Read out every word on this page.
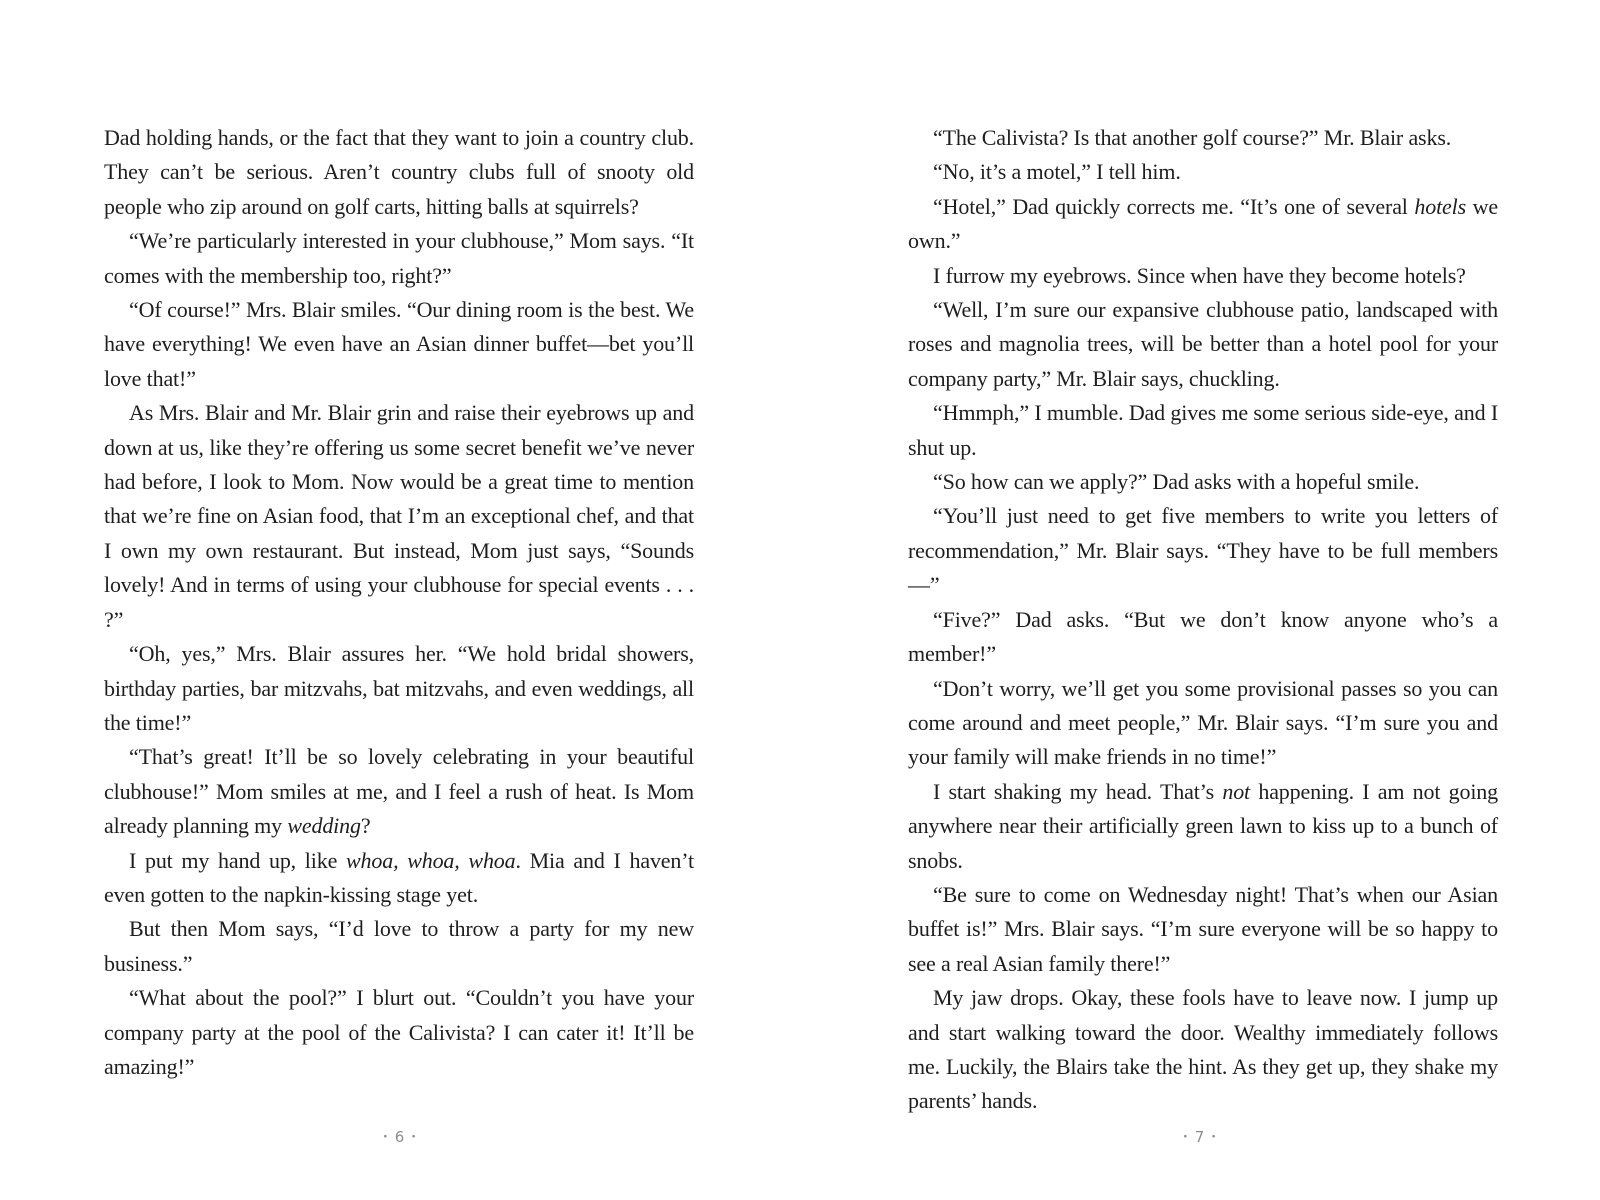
Dad holding hands, or the fact that they want to join a country club. They can’t be serious. Aren’t country clubs full of snooty old people who zip around on golf carts, hitting balls at squirrels?

“We’re particularly interested in your clubhouse,” Mom says. “It comes with the membership too, right?”

“Of course!” Mrs. Blair smiles. “Our dining room is the best. We have everything! We even have an Asian dinner buffet—bet you’ll love that!”

As Mrs. Blair and Mr. Blair grin and raise their eyebrows up and down at us, like they’re offering us some secret benefit we’ve never had before, I look to Mom. Now would be a great time to mention that we’re fine on Asian food, that I’m an exceptional chef, and that I own my own restaurant. But instead, Mom just says, “Sounds lovely! And in terms of using your clubhouse for special events . . . ?”

“Oh, yes,” Mrs. Blair assures her. “We hold bridal showers, birthday parties, bar mitzvahs, bat mitzvahs, and even weddings, all the time!”

“That’s great! It’ll be so lovely celebrating in your beautiful clubhouse!” Mom smiles at me, and I feel a rush of heat. Is Mom already planning my wedding?

I put my hand up, like whoa, whoa, whoa. Mia and I haven’t even gotten to the napkin-kissing stage yet.

But then Mom says, “I’d love to throw a party for my new business.”

“What about the pool?” I blurt out. “Couldn’t you have your company party at the pool of the Calivista? I can cater it! It’ll be amazing!”

• 6 •

“The Calivista? Is that another golf course?” Mr. Blair asks.

“No, it’s a motel,” I tell him.

“Hotel,” Dad quickly corrects me. “It’s one of several hotels we own.”

I furrow my eyebrows. Since when have they become hotels?

“Well, I’m sure our expansive clubhouse patio, landscaped with roses and magnolia trees, will be better than a hotel pool for your company party,” Mr. Blair says, chuckling.

“Hmmph,” I mumble. Dad gives me some serious side-eye, and I shut up.

“So how can we apply?” Dad asks with a hopeful smile.

“You’ll just need to get five members to write you letters of recommendation,” Mr. Blair says. “They have to be full members—”

“Five?” Dad asks. “But we don’t know anyone who’s a member!”

“Don’t worry, we’ll get you some provisional passes so you can come around and meet people,” Mr. Blair says. “I’m sure you and your family will make friends in no time!”

I start shaking my head. That’s not happening. I am not going anywhere near their artificially green lawn to kiss up to a bunch of snobs.

“Be sure to come on Wednesday night! That’s when our Asian buffet is!” Mrs. Blair says. “I’m sure everyone will be so happy to see a real Asian family there!”

My jaw drops. Okay, these fools have to leave now. I jump up and start walking toward the door. Wealthy immediately follows me. Luckily, the Blairs take the hint. As they get up, they shake my parents’ hands.

• 7 •
